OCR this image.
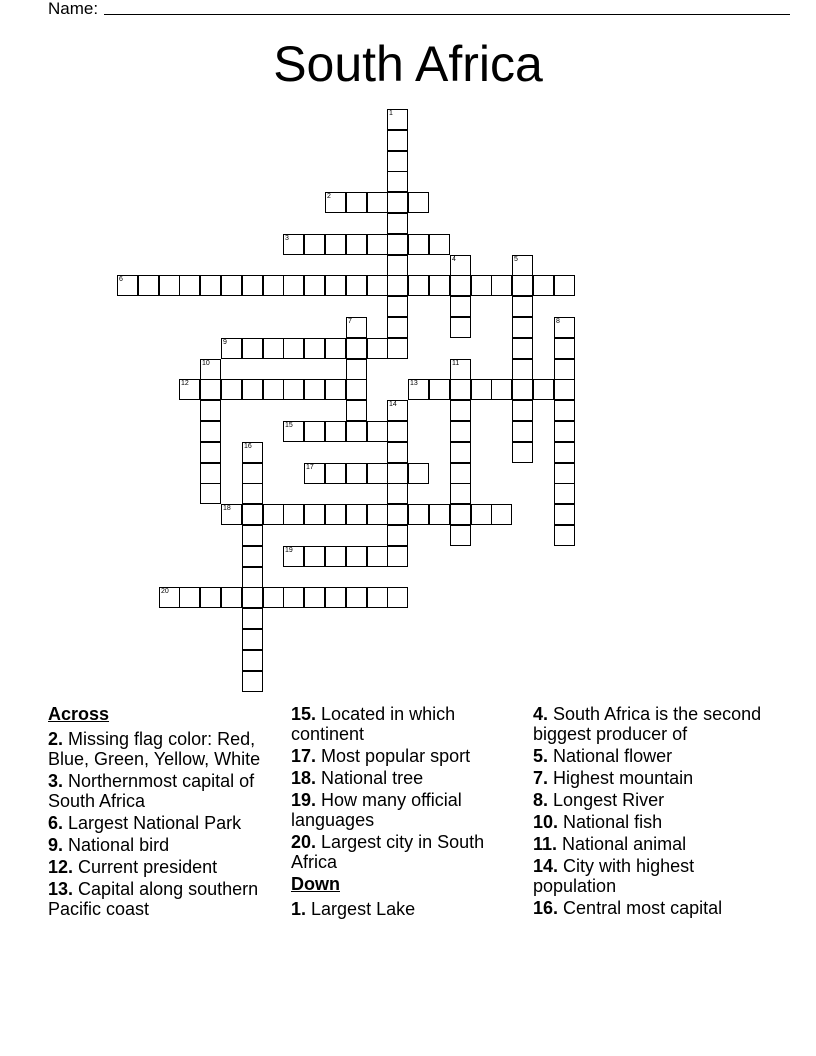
Name:
South Africa
1
2
3
4	5
6
7	8
9
10	11
12	13
14
15
16
17
18
19
20
Across
2. Missing flag color: Red, Blue, Green, Yellow, White
3. Northernmost capital of South Africa
6. Largest National Park
9. National bird
12. Current president
13. Capital along southern Pacific coast
15. Located in which continent
17. Most popular sport
18. National tree
19. How many official languages
20. Largest city in South Africa
Down
1. Largest Lake
4. South Africa is the second biggest producer of
5. National flower
7. Highest mountain
8. Longest River
10. National fish
11. National animal
14. City with highest population
16. Central most capital
